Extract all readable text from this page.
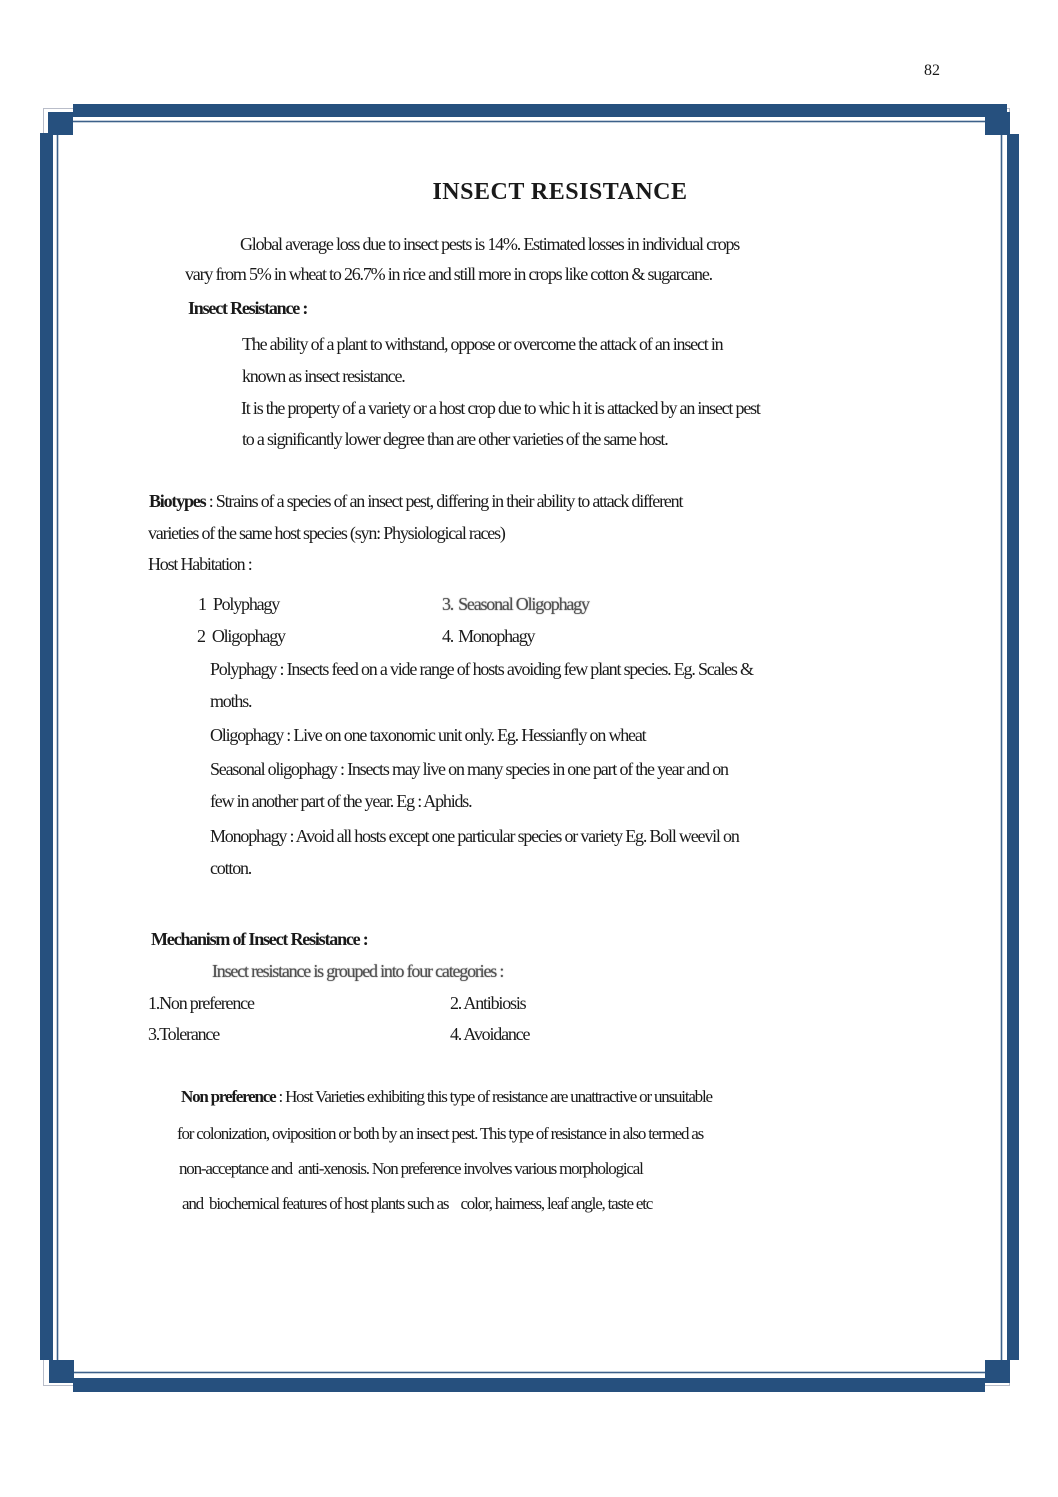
82
INSECT RESISTANCE
Global average loss due to insect pests is 14%. Estimated losses in individual crops
vary from 5% in wheat to 26.7% in rice and still more in crops like cotton & sugarcane.
Insect Resistance :
The ability of a plant to withstand, oppose or overcome the attack of an insect in
known as insect resistance.
It is the property of a variety or a host crop due to whic h it is attacked by an insect pest
to a significantly lower degree than are other varieties of the same host.
Biotypes : Strains of a species of an insect pest, differing in their ability to attack different
varieties of the same host species (syn: Physiological races)
Host Habitation :
1 Polyphagy	3. Seasonal Oligophagy
2 Oligophagy	4. Monophagy
Polyphagy : Insects feed on a vide range of hosts avoiding few plant species. Eg. Scales &
moths.
Oligophagy : Live on one taxonomic unit only. Eg. Hessianfly on wheat
Seasonal oligophagy : Insects may live on many species in one part of the year and on
few in another part of the year. Eg : Aphids.
Monophagy : Avoid all hosts except one particular species or variety Eg. Boll weevil on
cotton.
Mechanism of Insect Resistance :
Insect resistance is grouped into four categories :
1.Non preference	2. Antibiosis
3.Tolerance	4. Avoidance
Non preference : Host Varieties exhibiting this type of resistance are unattractive or unsuitable
for colonization, oviposition or both by an insect pest. This type of resistance in also termed as
non-acceptance and  anti-xenosis. Non preference involves various morphological
and  biochemical features of host plants such as    color, hairness, leaf angle, taste etc
